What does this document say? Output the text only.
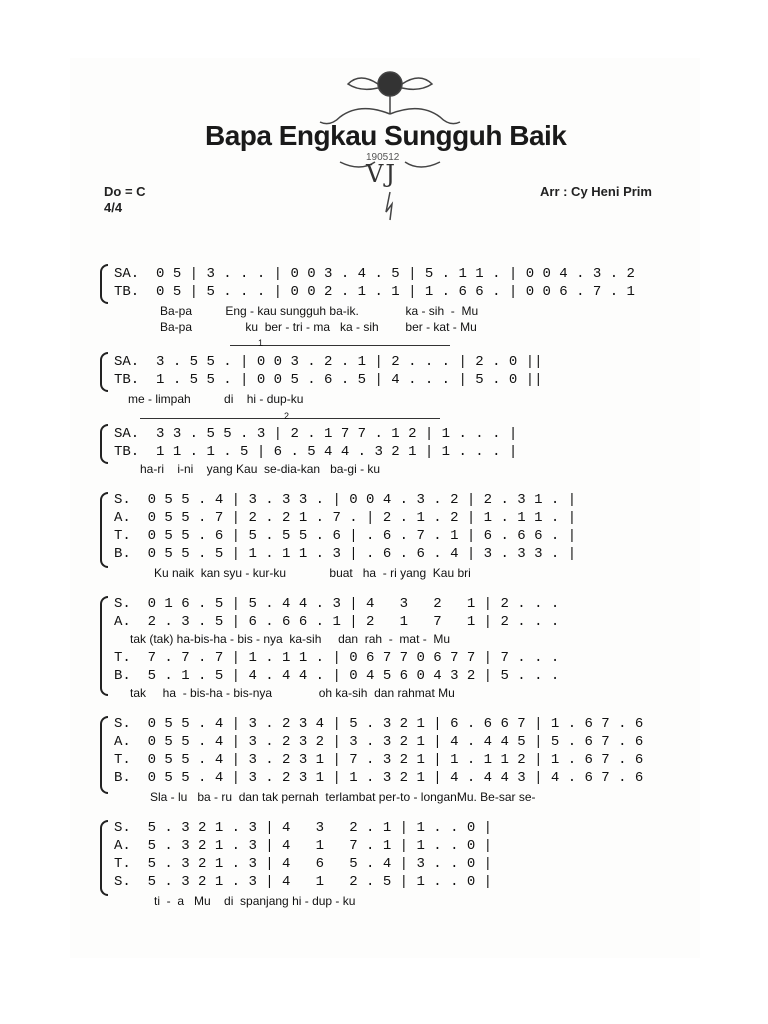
Bapa Engkau Sungguh Baik
190512
VJ
Do = C
4/4
Arr : Cy Heni Prim
SA. 0 5 | 3 . . . | 0 0 3 . 4 . 5 | 5 . 1 1 . | 0 0 4 . 3 . 2
TB. 0 5 | 5 . . . | 0 0 2 . 1 . 1 | 1 . 6 6 . | 0 0 6 . 7 . 1
Ba-pa          Eng - kau sungguh ba-ik.              ka - sih  -  Mu
Ba-pa                ku  ber - tri - ma   ka - sih        ber - kat - Mu
1
SA. 3 . 5 5 . | 0 0 3 . 2 . 1 | 2 . . . | 2 . 0 ||
TB. 1 . 5 5 . | 0 0 5 . 6 . 5 | 4 . . . | 5 . 0 ||
me - limpah          di    hi - dup-ku
2
SA. 3 3 . 5 5 . 3 | 2 . 1 7 7 . 1 2 | 1 . . . |
TB. 1 1 . 1 . 5 | 6 . 5 4 4 . 3 2 1 | 1 . . . |
ha-ri    i-ni    yang Kau  se-dia-kan   ba-gi - ku
S. 0 5 5 . 4 | 3 . 3 3 . | 0 0 4 . 3 . 2 | 2 . 3 1 . |
A. 0 5 5 . 7 | 2 . 2 1 . 7 . | 2 . 1 . 2 | 1 . 1 1 . |
T. 0 5 5 . 6 | 5 . 5 5 . 6 | . 6 . 7 . 1 | 6 . 6 6 . |
B. 0 5 5 . 5 | 1 . 1 1 . 3 | . 6 . 6 . 4 | 3 . 3 3 . |
Ku naik  kan syu - kur-ku             buat   ha  - ri yang  Kau bri
S. 0 1 6 . 5 | 5 . 4 4 . 3 | 4   3   2   1 | 2 . . .
A. 2 . 3 . 5 | 6 . 6 6 . 1 | 2   1   7   1 | 2 . . .
tak (tak) ha-bis-ha - bis - nya  ka-sih     dan  rah  -  mat -  Mu
T. 7 . 7 . 7 | 1 . 1 1 . | 0 6 7 7 0 6 7 7 | 7 . . .
B. 5 . 1 . 5 | 4 . 4 4 . | 0 4 5 6 0 4 3 2 | 5 . . .
tak     ha  - bis-ha - bis-nya              oh ka-sih  dan rahmat Mu
S. 0 5 5 . 4 | 3 . 2 3 4 | 5 . 3 2 1 | 6 . 6 6 7 | 1 . 6 7 . 6
A. 0 5 5 . 4 | 3 . 2 3 2 | 3 . 3 2 1 | 4 . 4 4 5 | 5 . 6 7 . 6
T. 0 5 5 . 4 | 3 . 2 3 1 | 7 . 3 2 1 | 1 . 1 1 2 | 1 . 6 7 . 6
B. 0 5 5 . 4 | 3 . 2 3 1 | 1 . 3 2 1 | 4 . 4 4 3 | 4 . 6 7 . 6
Sla - lu   ba - ru  dan tak pernah  terlambat per-to - longanMu. Be-sar se-
S. 5 . 3 2 1 . 3 | 4   3   2 . 1 | 1 . . 0 |
A. 5 . 3 2 1 . 3 | 4   1   7 . 1 | 1 . . 0 |
T. 5 . 3 2 1 . 3 | 4   6   5 . 4 | 3 . . 0 |
S. 5 . 3 2 1 . 3 | 4   1   2 . 5 | 1 . . 0 |
ti  -  a   Mu    di  spanjang hi - dup - ku
